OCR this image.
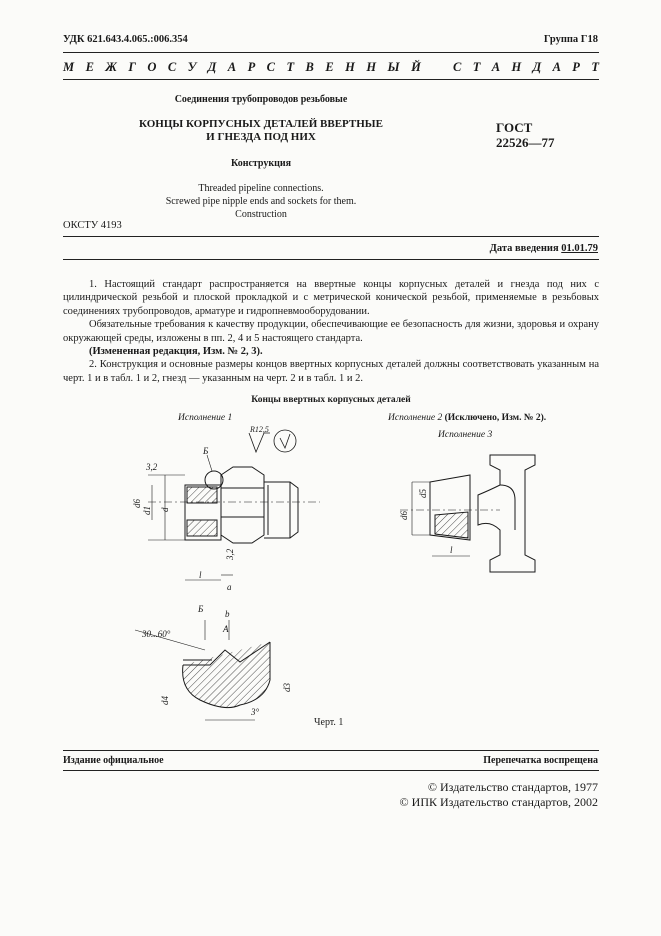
УДК 621.643.4.065.:006.354	Группа Г18
М Е Ж Г О С У Д А Р С Т В Е Н Н Ы Й	С Т А Н Д А Р Т
Соединения трубопроводов резьбовые
КОНЦЫ КОРПУСНЫХ ДЕТАЛЕЙ ВВЕРТНЫЕ
И ГНЕЗДА ПОД НИХ
Конструкция
Threaded pipeline connections.
Screwed pipe nipple ends and sockets for them.
Construction
ГОСТ
22526—77
ОКСТУ 4193
Дата введения 01.01.79

1. Настоящий стандарт распространяется на ввертные концы корпусных деталей и гнезда под них с цилиндрической резьбой и плоской прокладкой и с метрической конической резьбой, применяемые в резьбовых соединениях трубопроводов, арматуре и гидропневмооборудовании.

Обязательные требования к качеству продукции, обеспечивающие ее безопасность для жизни, здоровья и охрану окружающей среды, изложены в пп. 2, 4 и 5 настоящего стандарта.

(Измененная редакция, Изм. № 2, 3).

2. Конструкция и основные размеры концов ввертных корпусных деталей должны соответствовать указанным на черт. 1 и в табл. 1 и 2, гнезд — указанным на черт. 2 и в табл. 1 и 2.

Концы ввертных корпусных деталей
Исполнение 1	Исполнение 2 (Исключено, Изм. № 2).
Исполнение 3
R12,5
Б
3,2
d6
d1 d
3,2
l
a
Б b
A
30...60°
d4
d3
3°
d6
d5
l
Черт. 1
Издание официальное	Перепечатка воспрещена
© Издательство стандартов, 1977
© ИПК Издательство стандартов, 2002
